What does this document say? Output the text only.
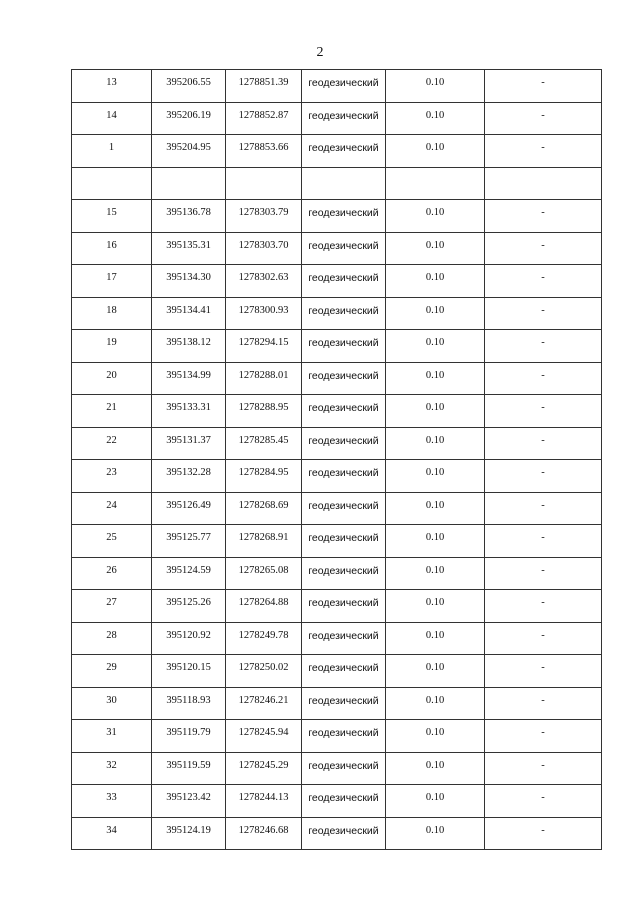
2
13	395206.55	1278851.39	геодезический	0.10	-
14	395206.19	1278852.87	геодезический	0.10	-
1	395204.95	1278853.66	геодезический	0.10	-

15	395136.78	1278303.79	геодезический	0.10	-
16	395135.31	1278303.70	геодезический	0.10	-
17	395134.30	1278302.63	геодезический	0.10	-
18	395134.41	1278300.93	геодезический	0.10	-
19	395138.12	1278294.15	геодезический	0.10	-
20	395134.99	1278288.01	геодезический	0.10	-
21	395133.31	1278288.95	геодезический	0.10	-
22	395131.37	1278285.45	геодезический	0.10	-
23	395132.28	1278284.95	геодезический	0.10	-
24	395126.49	1278268.69	геодезический	0.10	-
25	395125.77	1278268.91	геодезический	0.10	-
26	395124.59	1278265.08	геодезический	0.10	-
27	395125.26	1278264.88	геодезический	0.10	-
28	395120.92	1278249.78	геодезический	0.10	-
29	395120.15	1278250.02	геодезический	0.10	-
30	395118.93	1278246.21	геодезический	0.10	-
31	395119.79	1278245.94	геодезический	0.10	-
32	395119.59	1278245.29	геодезический	0.10	-
33	395123.42	1278244.13	геодезический	0.10	-
34	395124.19	1278246.68	геодезический	0.10	-
